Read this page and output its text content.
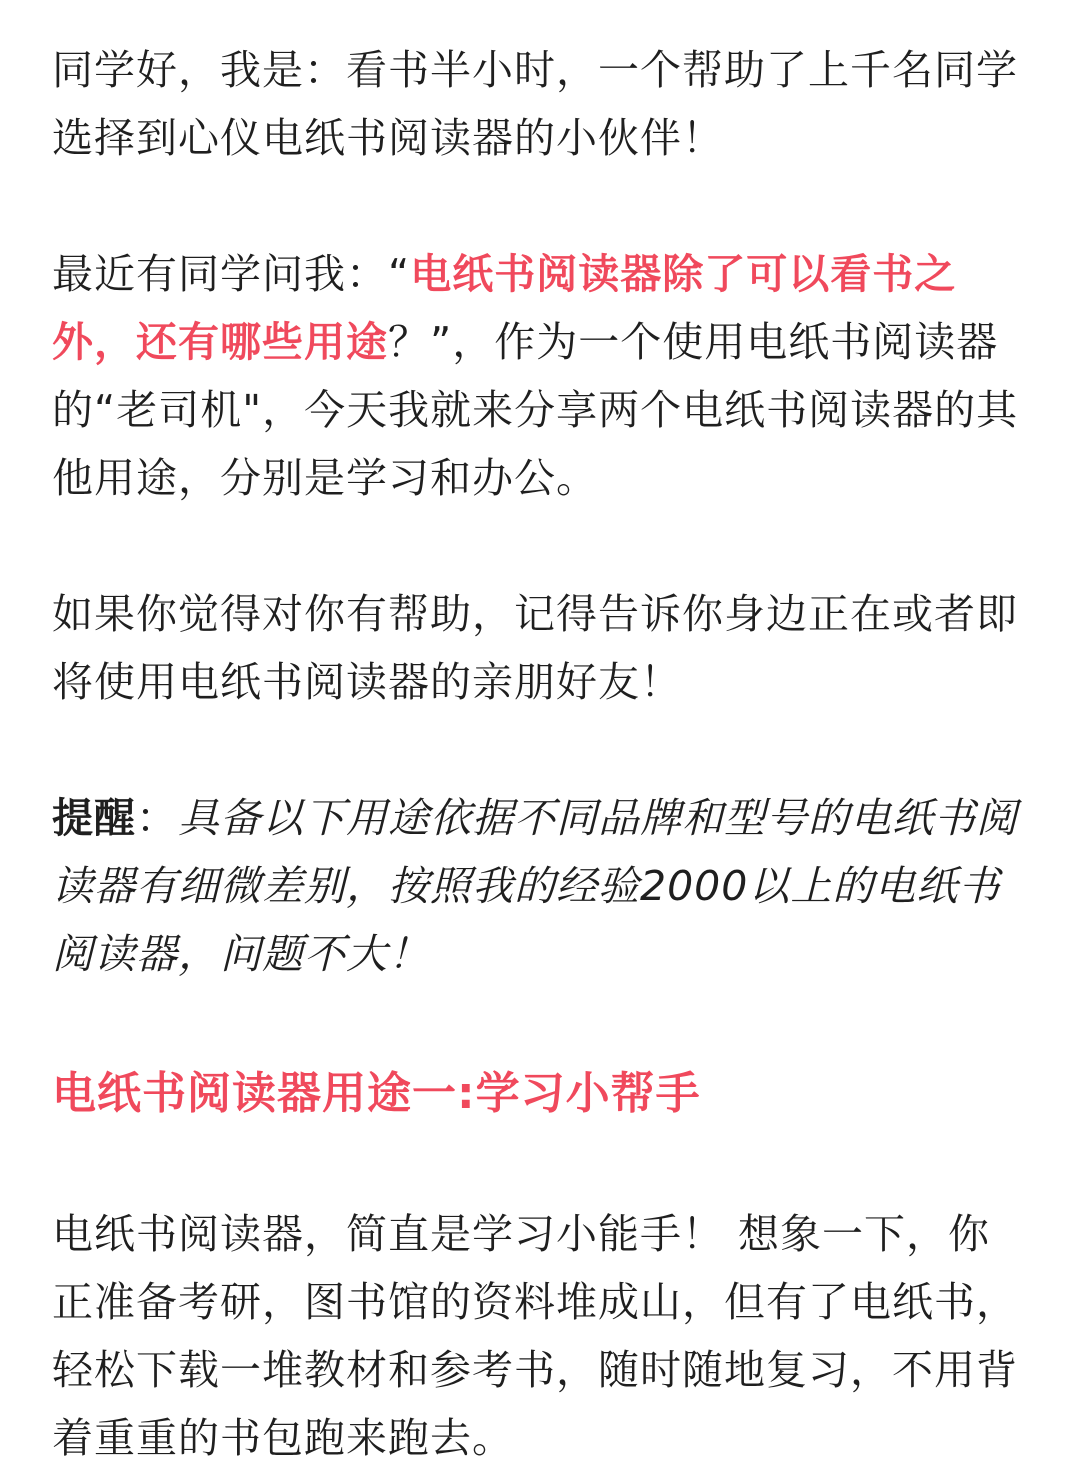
同学好，我是：看书半小时，一个帮助了上千名同学选择到心仪电纸书阅读器的小伙伴！

最近有同学问我：“电纸书阅读器除了可以看书之外，还有哪些用途？”，作为一个使用电纸书阅读器的“老司机"，今天我就来分享两个电纸书阅读器的其他用途，分别是学习和办公。

如果你觉得对你有帮助，记得告诉你身边正在或者即将使用电纸书阅读器的亲朋好友！

提醒：具备以下用途依据不同品牌和型号的电纸书阅读器有细微差别，按照我的经验2000以上的电纸书阅读器，问题不大！

电纸书阅读器用途一:学习小帮手

电纸书阅读器，简直是学习小能手！ 想象一下，你正准备考研，图书馆的资料堆成山，但有了电纸书，轻松下载一堆教材和参考书，随时随地复习，不用背着重重的书包跑来跑去。
